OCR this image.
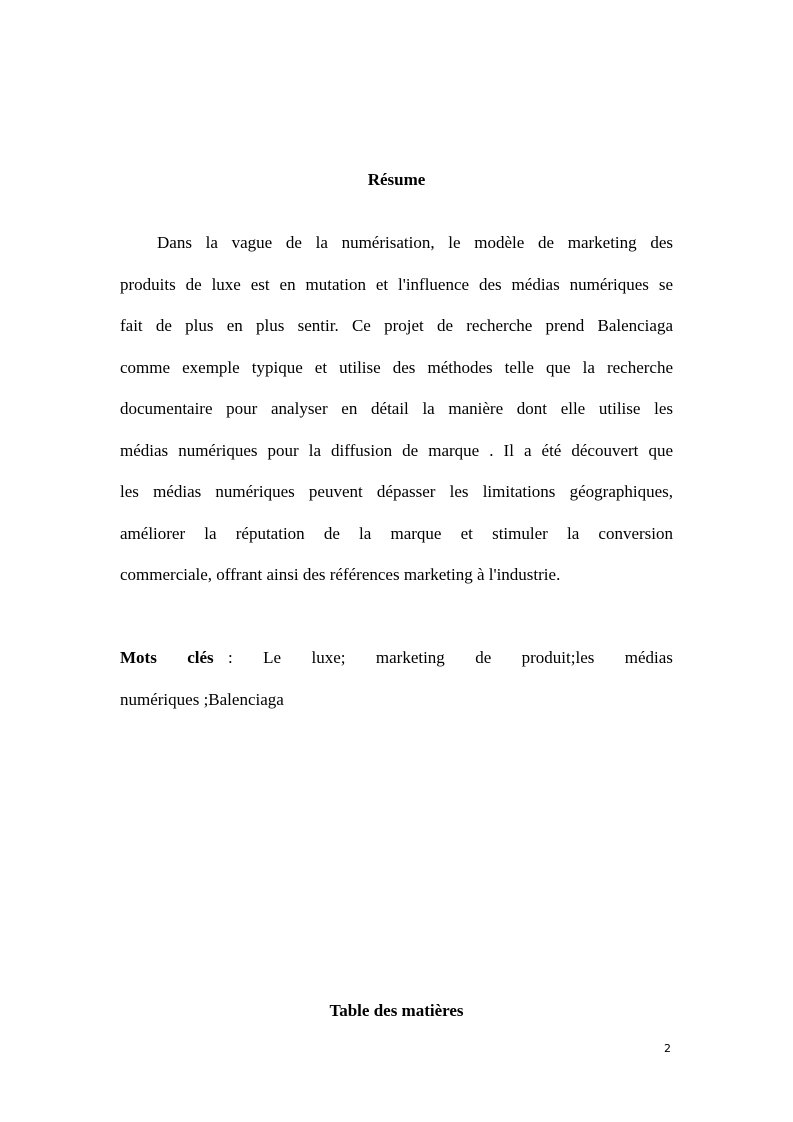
Résume
Dans la vague de la numérisation, le modèle de marketing des
produits de luxe est en mutation et l'influence des médias numériques se
fait de plus en plus sentir. Ce projet de recherche prend Balenciaga
comme exemple typique et utilise des méthodes telle que la recherche
documentaire pour analyser en détail la manière dont elle utilise les
médias numériques pour la diffusion de marque . Il a été découvert que
les médias numériques peuvent dépasser les limitations géographiques,
améliorer la réputation de la marque et stimuler la conversion
commerciale, offrant ainsi des références marketing à l'industrie.
Mots clés : Le luxe; marketing de produit;les médias
numériques ;Balenciaga
Table des matières
2
